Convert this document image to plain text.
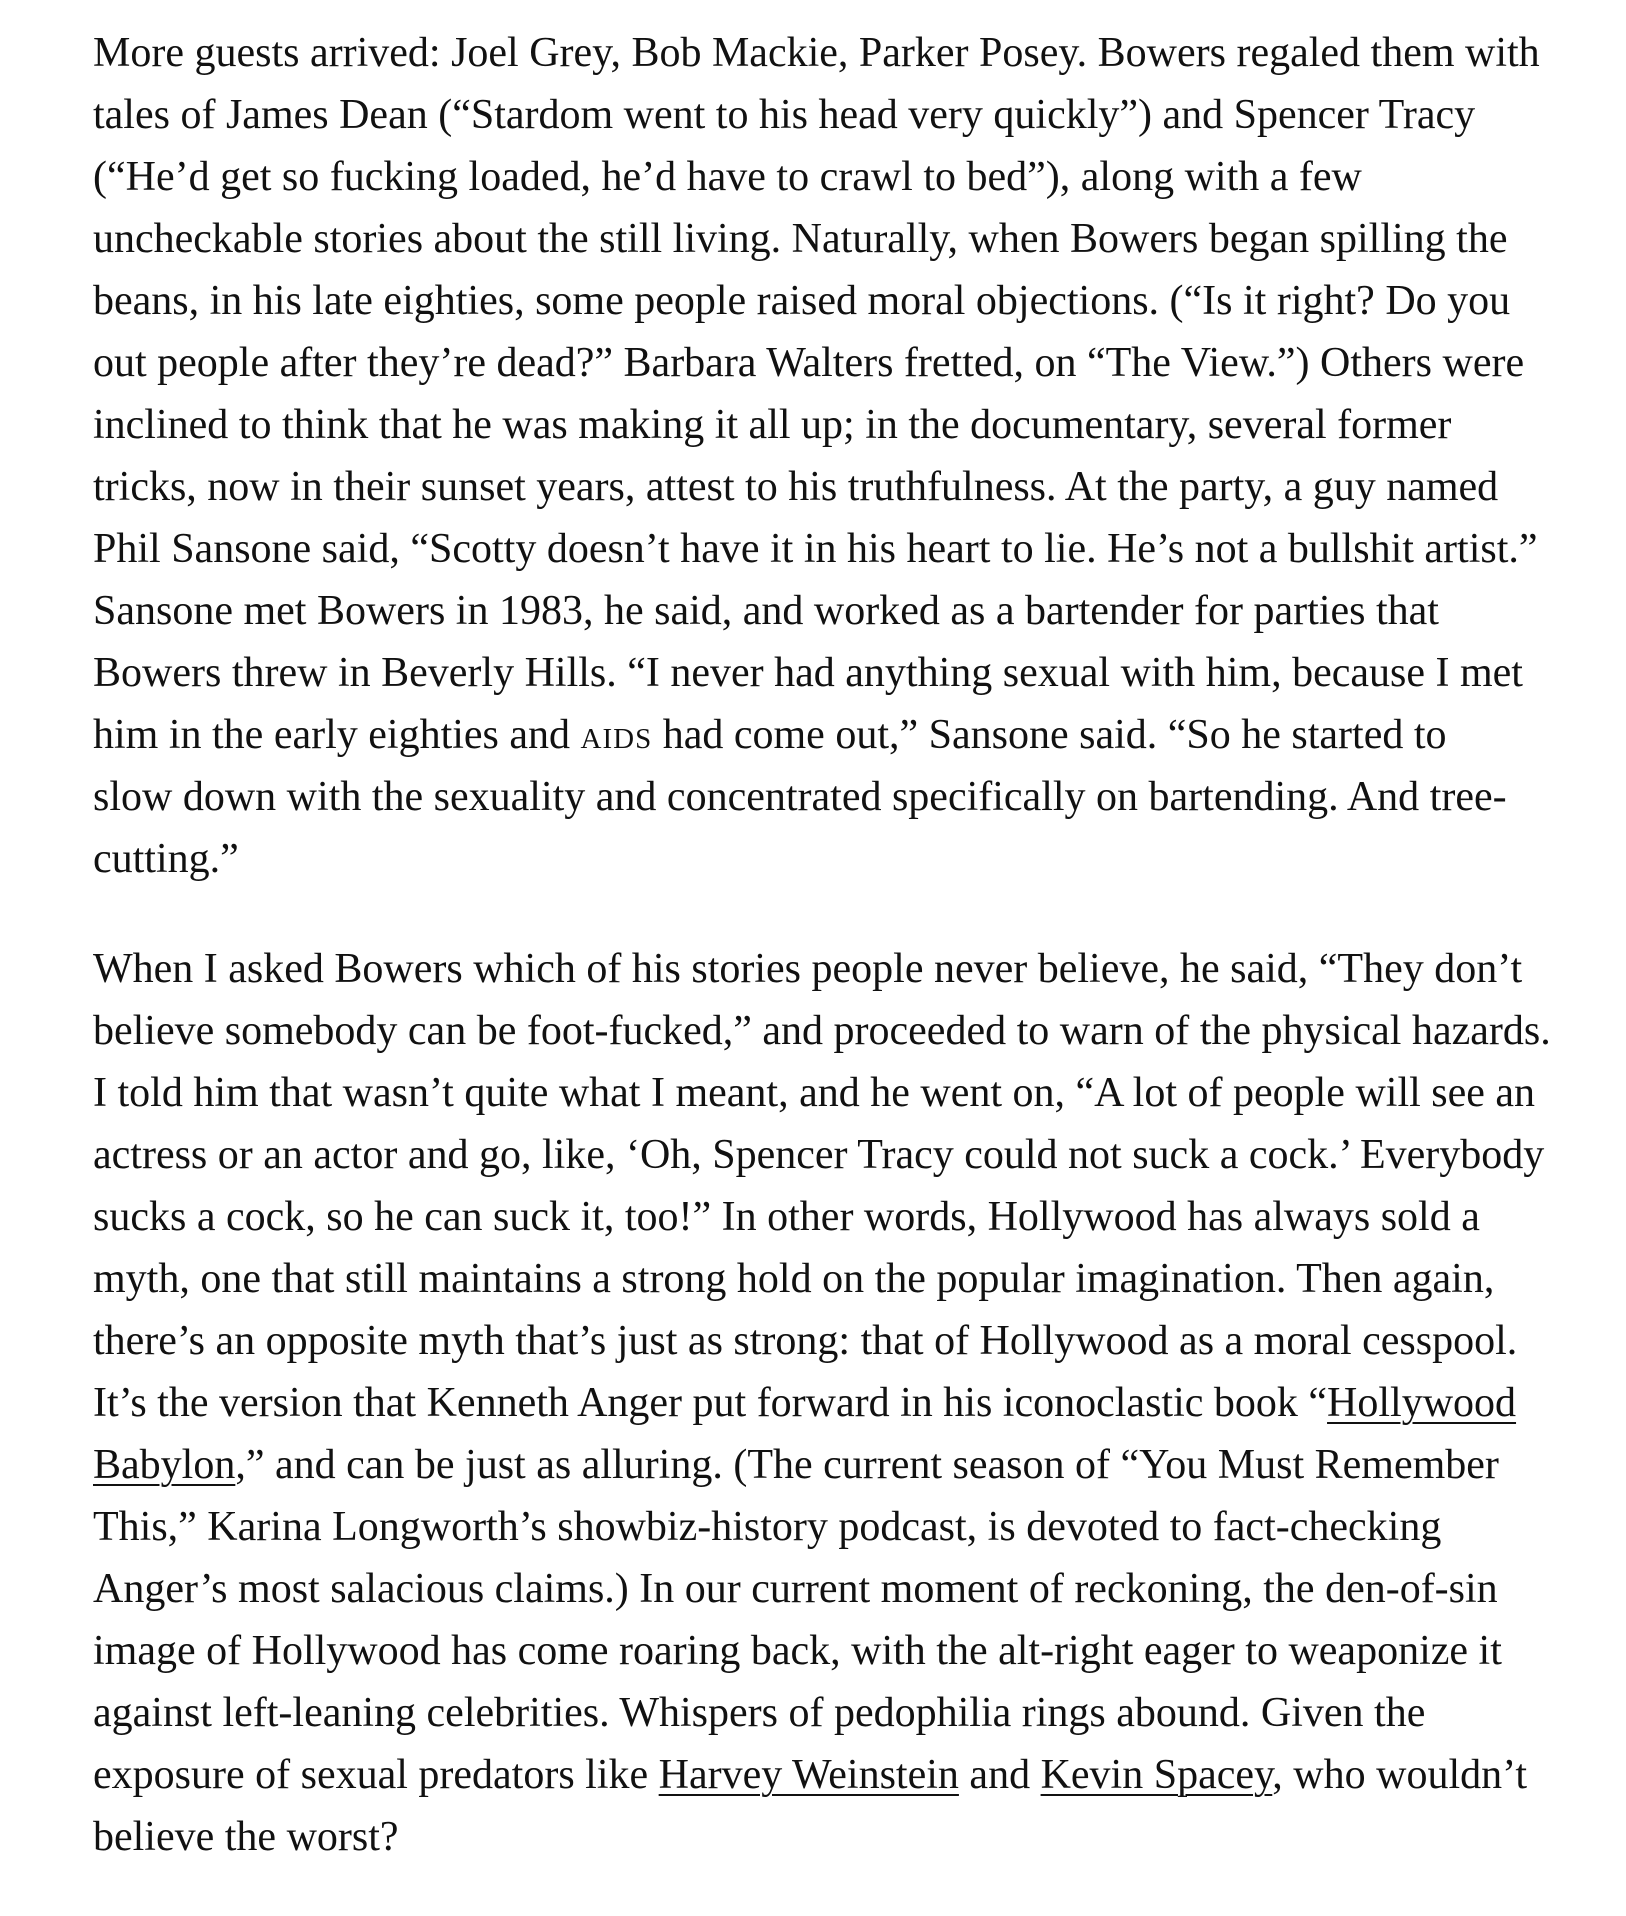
More guests arrived: Joel Grey, Bob Mackie, Parker Posey. Bowers regaled them with
tales of James Dean (“Stardom went to his head very quickly”) and Spencer Tracy
(“He’d get so fucking loaded, he’d have to crawl to bed”), along with a few
uncheckable stories about the still living. Naturally, when Bowers began spilling the
beans, in his late eighties, some people raised moral objections. (“Is it right? Do you
out people after they’re dead?” Barbara Walters fretted, on “The View.”) Others were
inclined to think that he was making it all up; in the documentary, several former
tricks, now in their sunset years, attest to his truthfulness. At the party, a guy named
Phil Sansone said, “Scotty doesn’t have it in his heart to lie. He’s not a bullshit artist.”
Sansone met Bowers in 1983, he said, and worked as a bartender for parties that
Bowers threw in Beverly Hills. “I never had anything sexual with him, because I met
him in the early eighties and aids had come out,” Sansone said. “So he started to
slow down with the sexuality and concentrated specifically on bartending. And tree-
cutting.”

When I asked Bowers which of his stories people never believe, he said, “They don’t
believe somebody can be foot-fucked,” and proceeded to warn of the physical hazards.
I told him that wasn’t quite what I meant, and he went on, “A lot of people will see an
actress or an actor and go, like, ‘Oh, Spencer Tracy could not suck a cock.’ Everybody
sucks a cock, so he can suck it, too!” In other words, Hollywood has always sold a
myth, one that still maintains a strong hold on the popular imagination. Then again,
there’s an opposite myth that’s just as strong: that of Hollywood as a moral cesspool.
It’s the version that Kenneth Anger put forward in his iconoclastic book “Hollywood
Babylon,” and can be just as alluring. (The current season of “You Must Remember
This,” Karina Longworth’s showbiz-history podcast, is devoted to fact-checking
Anger’s most salacious claims.) In our current moment of reckoning, the den-of-sin
image of Hollywood has come roaring back, with the alt-right eager to weaponize it
against left-leaning celebrities. Whispers of pedophilia rings abound. Given the
exposure of sexual predators like Harvey Weinstein and Kevin Spacey, who wouldn’t
believe the worst?
